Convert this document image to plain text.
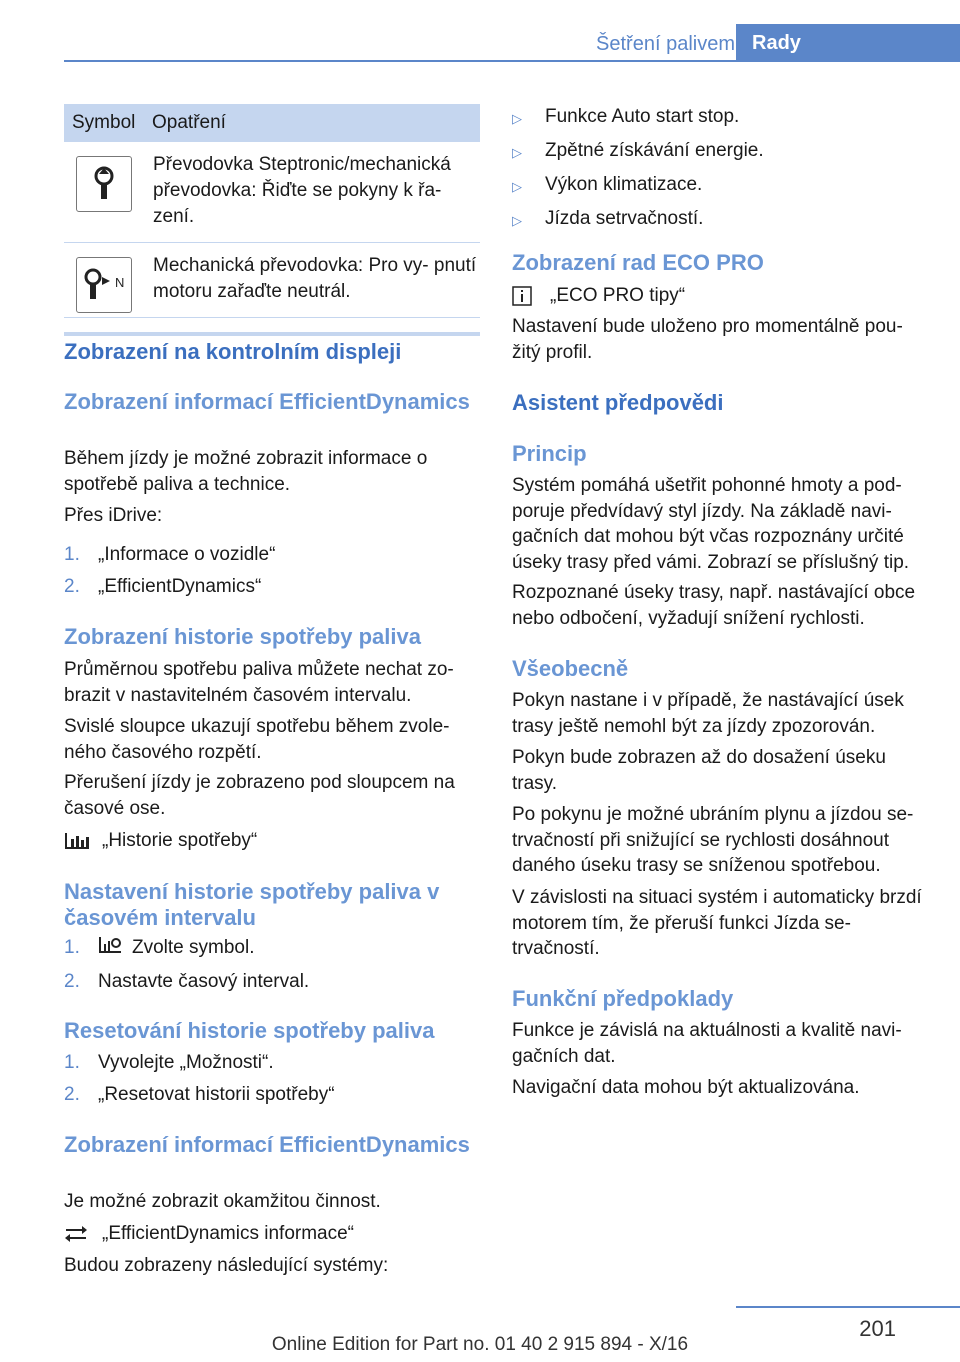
Šetření palivem Rady
Symbol Opatření
Převodovka Steptronic/mechanická převodovka: Řiďte se pokyny k řa- zení.
N
Mechanická převodovka: Pro vy- pnutí motoru zařaďte neutrál.
Zobrazení na kontrolním displeji
Zobrazení informací EfficientDynamics
Během jízdy je možné zobrazit informace o spotřebě paliva a technice.
Přes iDrive:
1. „Informace o vozidle“
2. „EfficientDynamics“
Zobrazení historie spotřeby paliva
Průměrnou spotřebu paliva můžete nechat zo- brazit v nastavitelném časovém intervalu.
Svislé sloupce ukazují spotřebu během zvole- ného časového rozpětí.
Přerušení jízdy je zobrazeno pod sloupcem na časové ose.
„Historie spotřeby“
Nastavení historie spotřeby paliva v časovém intervalu
1.	Zvolte symbol.
2. Nastavte časový interval.
Resetování historie spotřeby paliva
1. Vyvolejte „Možnosti“.
2. „Resetovat historii spotřeby“
Zobrazení informací EfficientDynamics
Je možné zobrazit okamžitou činnost.
„EfficientDynamics informace“
Budou zobrazeny následující systémy:
▷	Funkce Auto start stop.
▷	Zpětné získávání energie.
▷	Výkon klimatizace.
▷	Jízda setrvačností.
Zobrazení rad ECO PRO
„ECO PRO tipy“
Nastavení bude uloženo pro momentálně pou- žitý profil.
Asistent předpovědi
Princip
Systém pomáhá ušetřit pohonné hmoty a pod- poruje předvídavý styl jízdy. Na základě navi- gačních dat mohou být včas rozpoznány určité úseky trasy před vámi. Zobrazí se příslušný tip.
Rozpoznané úseky trasy, např. nastávající obce nebo odbočení, vyžadují snížení rychlosti.
Všeobecně
Pokyn nastane i v případě, že nastávající úsek trasy ještě nemohl být za jízdy zpozorován.
Pokyn bude zobrazen až do dosažení úseku trasy.
Po pokynu je možné ubráním plynu a jízdou se- trvačností při snižující se rychlosti dosáhnout daného úseku trasy se sníženou spotřebou.
V závislosti na situaci systém i automaticky brzdí motorem tím, že přeruší funkci Jízda se- trvačností.
Funkční předpoklady
Funkce je závislá na aktuálnosti a kvalitě navi- gačních dat.
Navigační data mohou být aktualizována.
201
Online Edition for Part no. 01 40 2 915 894 - X/16
